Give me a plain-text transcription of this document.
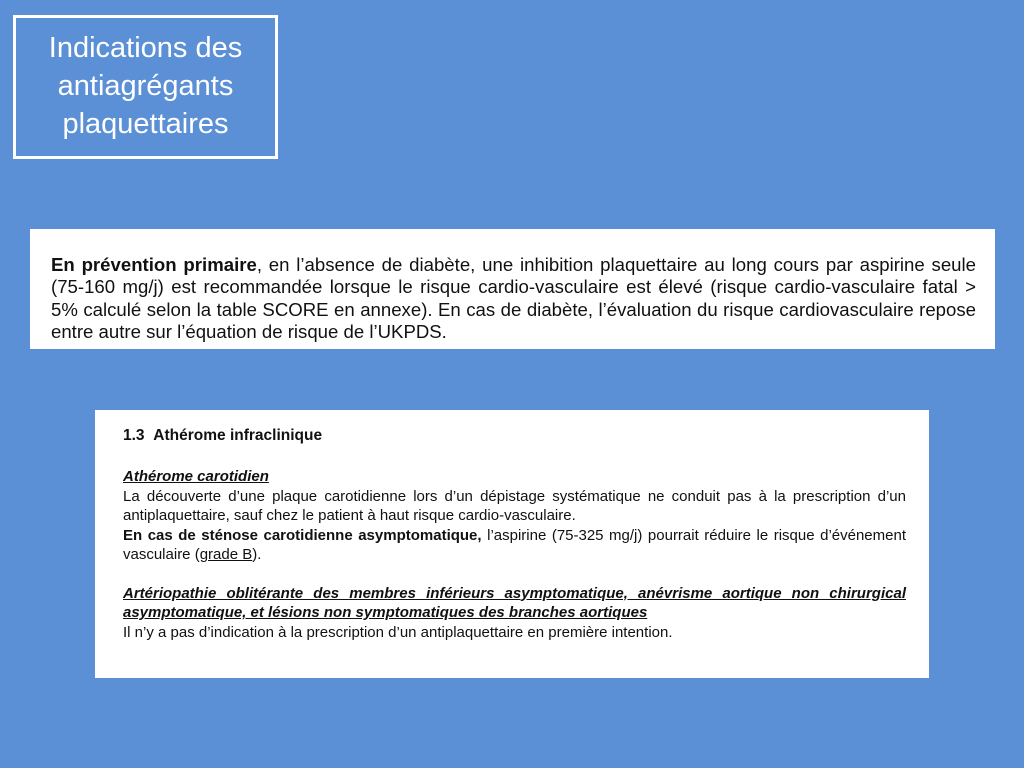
Indications des
antiagrégants
plaquettaires

En prévention primaire, en l’absence de diabète, une inhibition plaquettaire au long cours par aspirine seule (75-160 mg/j) est recommandée lorsque le risque cardio-vasculaire est élevé (risque cardio-vasculaire fatal > 5% calculé selon la table SCORE en annexe). En cas de diabète, l’évaluation du risque cardiovasculaire repose entre autre sur l’équation de risque de l’UKPDS.

1.3 Athérome infraclinique

Athérome carotidien

La découverte d’une plaque carotidienne lors d’un dépistage systématique ne conduit pas à la prescription d’un antiplaquettaire, sauf chez le patient à haut risque cardio-vasculaire.

En cas de sténose carotidienne asymptomatique, l’aspirine (75-325 mg/j) pourrait réduire le risque d’événement vasculaire (grade B).

Artériopathie oblitérante des membres inférieurs asymptomatique, anévrisme aortique non chirurgical asymptomatique, et lésions non symptomatiques des branches aortiques

Il n’y a pas d’indication à la prescription d’un antiplaquettaire en première intention.
